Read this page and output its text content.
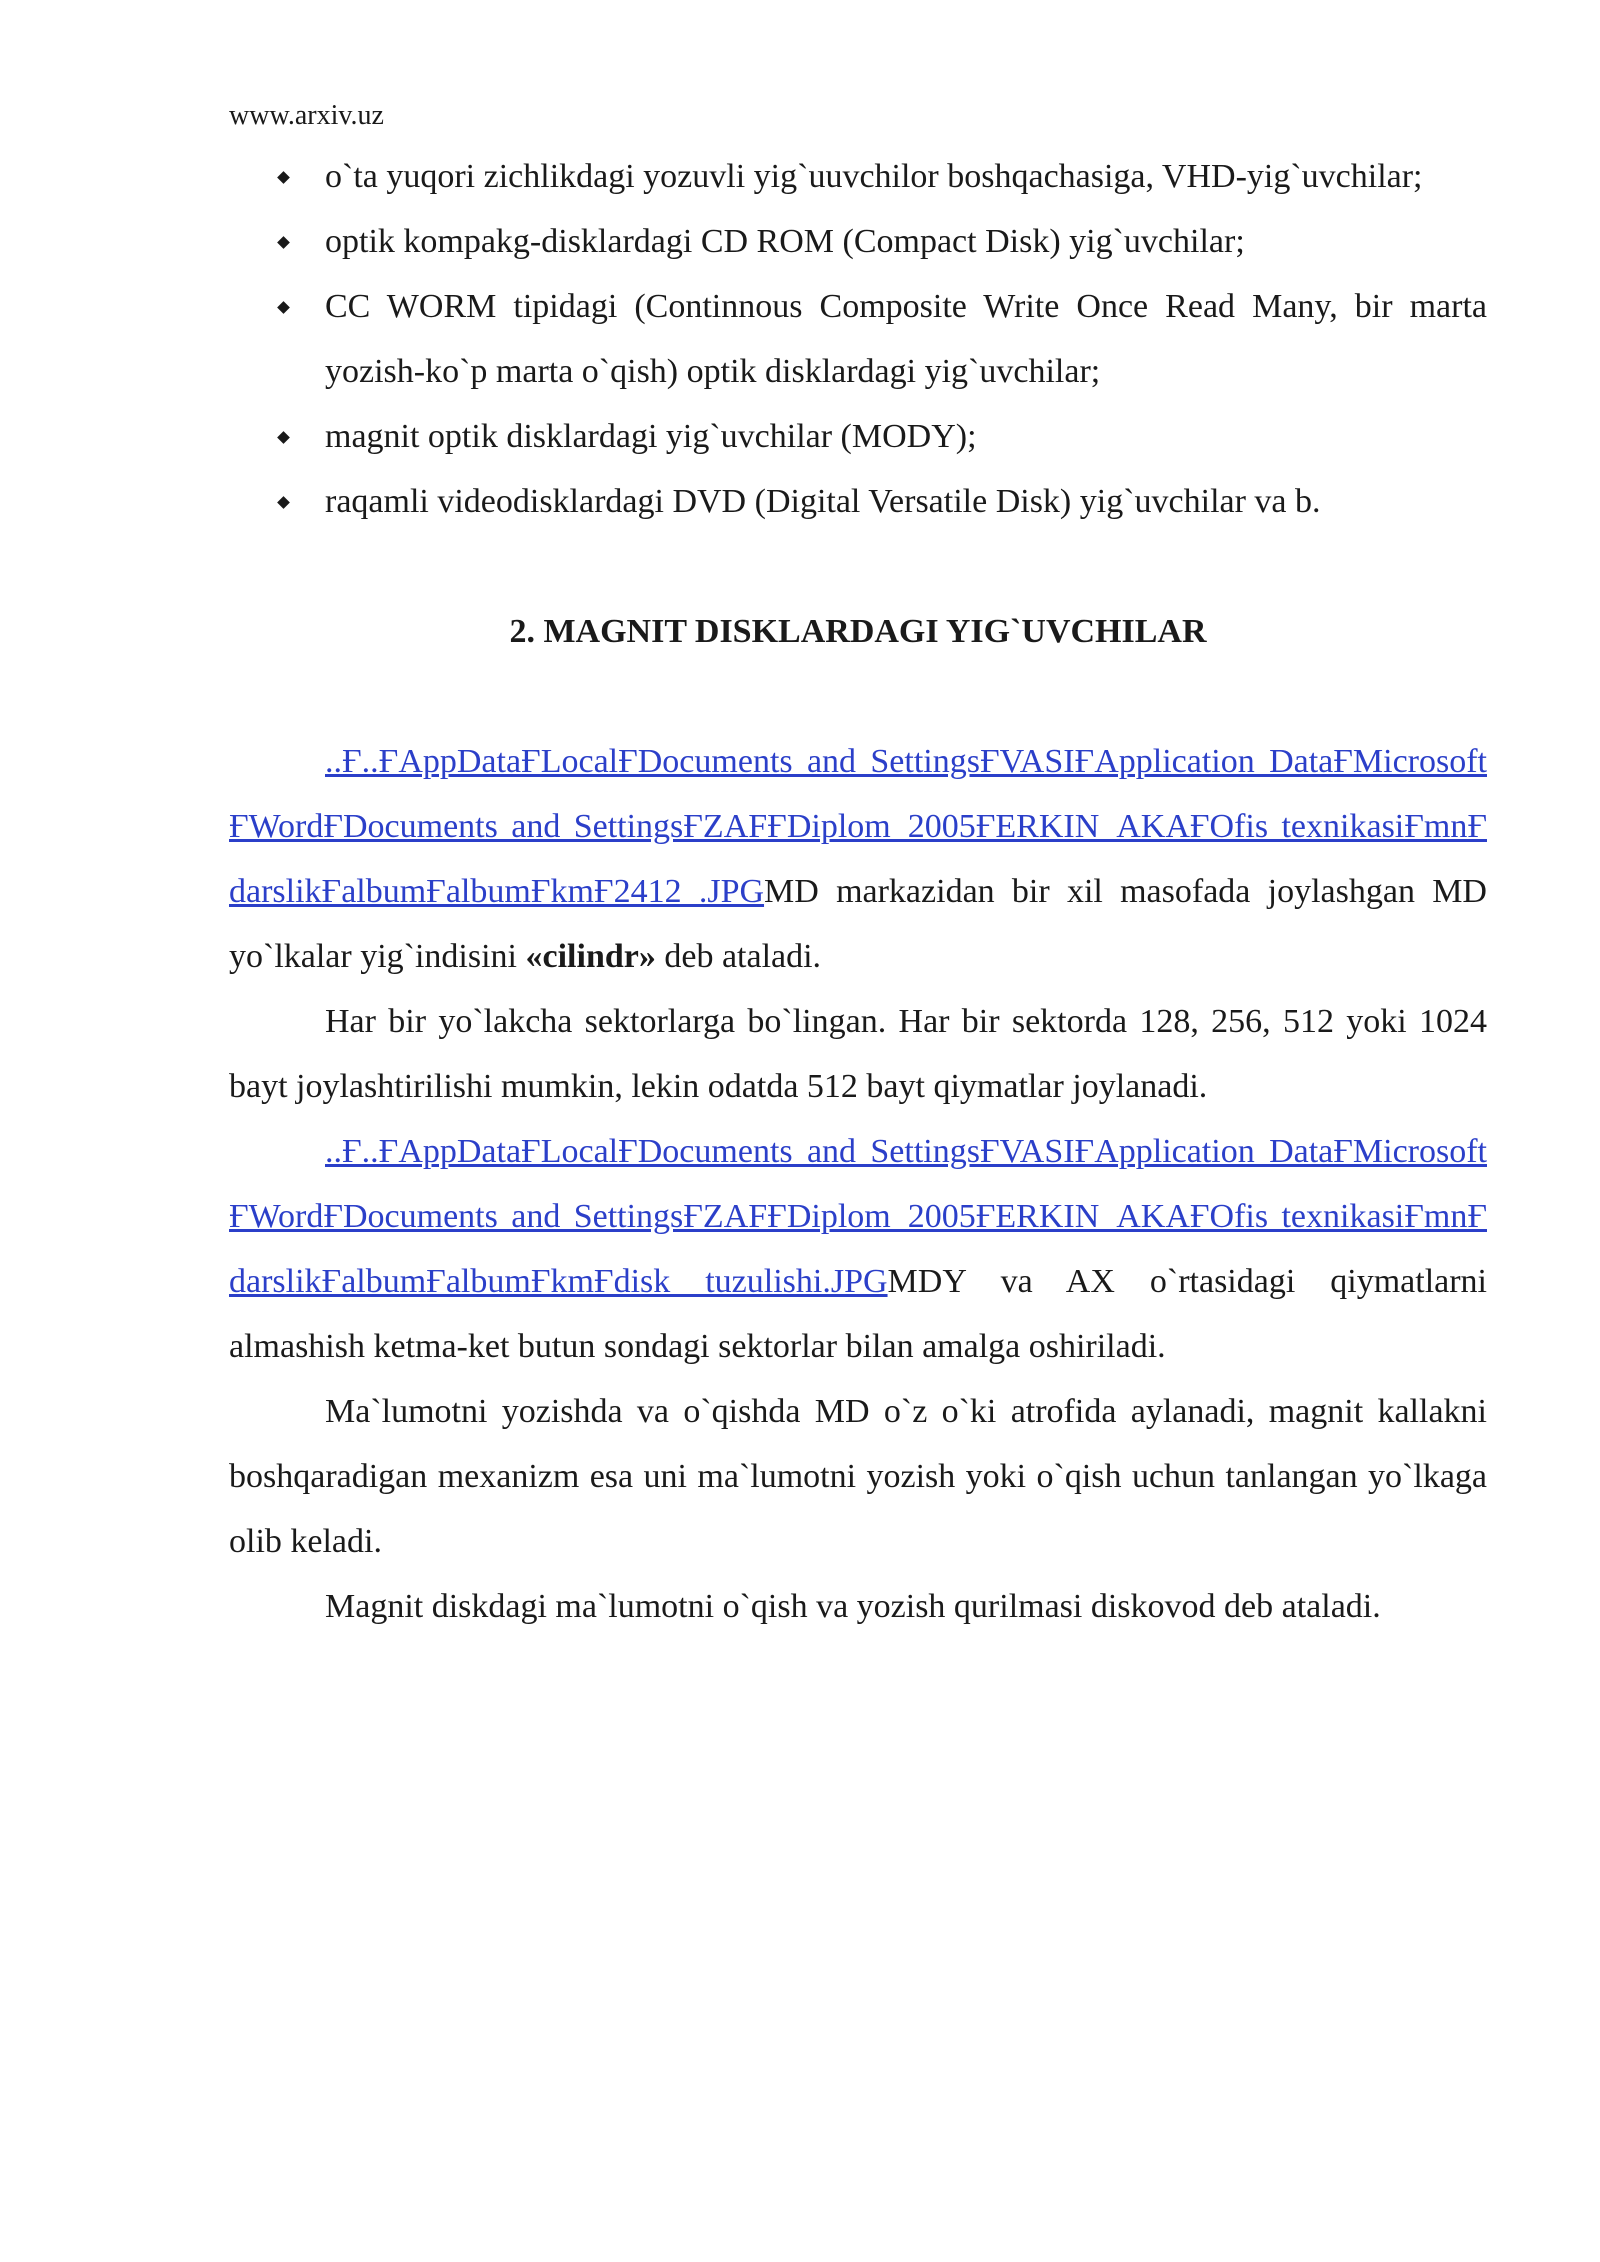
www.arxiv.uz
o`ta yuqori zichlikdagi yozuvli yig`uuvchilor boshqachasiga, VHD-yig`uvchilar;
optik kompakg-disklardagi CD ROM (Compact Disk) yig`uvchilar;
CC WORM tipidagi (Continnous Composite Write Once Read Many, bir marta yozish-ko`p marta o`qish) optik disklardagi yig`uvchilar;
magnit optik disklardagi yig`uvchilar (MODY);
raqamli videodisklardagi DVD (Digital Versatile Disk) yig`uvchilar va b.
2. MAGNIT DISKLARDAGI YIG`UVCHILAR

..Ғ..ҒAppDataҒLocalҒDocuments and SettingsҒVASIҒApplication DataҒMicrosoftҒWordҒDocuments and SettingsҒZAFҒDiplom_2005ҒERKIN_AKAҒOfis texnikasiҒmnҒdarslikҒalbumҒalbumҒkmҒ2412 .JPGMD markazidan bir xil masofada joylashgan MD yo`lkalar yig`indisini «cilindr» deb ataladi.

Har bir yo`lakcha sektorlarga bo`lingan. Har bir sektorda 128, 256, 512 yoki 1024 bayt joylashtirilishi mumkin, lekin odatda 512 bayt qiymatlar joylanadi.

..Ғ..ҒAppDataҒLocalҒDocuments and SettingsҒVASIҒApplication DataҒMicrosoftҒWordҒDocuments and SettingsҒZAFҒDiplom_2005ҒERKIN_AKAҒOfis texnikasiҒmnҒdarslikҒalbumҒalbumҒkmҒdisk tuzulishi.JPGMDY va AX o`rtasidagi qiymatlarni almashish ketma-ket butun sondagi sektorlar bilan amalga oshiriladi.

Ma`lumotni yozishda va o`qishda MD o`z o`ki atrofida aylanadi, magnit kallakni boshqaradigan mexanizm esa uni ma`lumotni yozish yoki o`qish uchun tanlangan yo`lkaga olib keladi.

Magnit diskdagi ma`lumotni o`qish va yozish qurilmasi diskovod deb ataladi.
